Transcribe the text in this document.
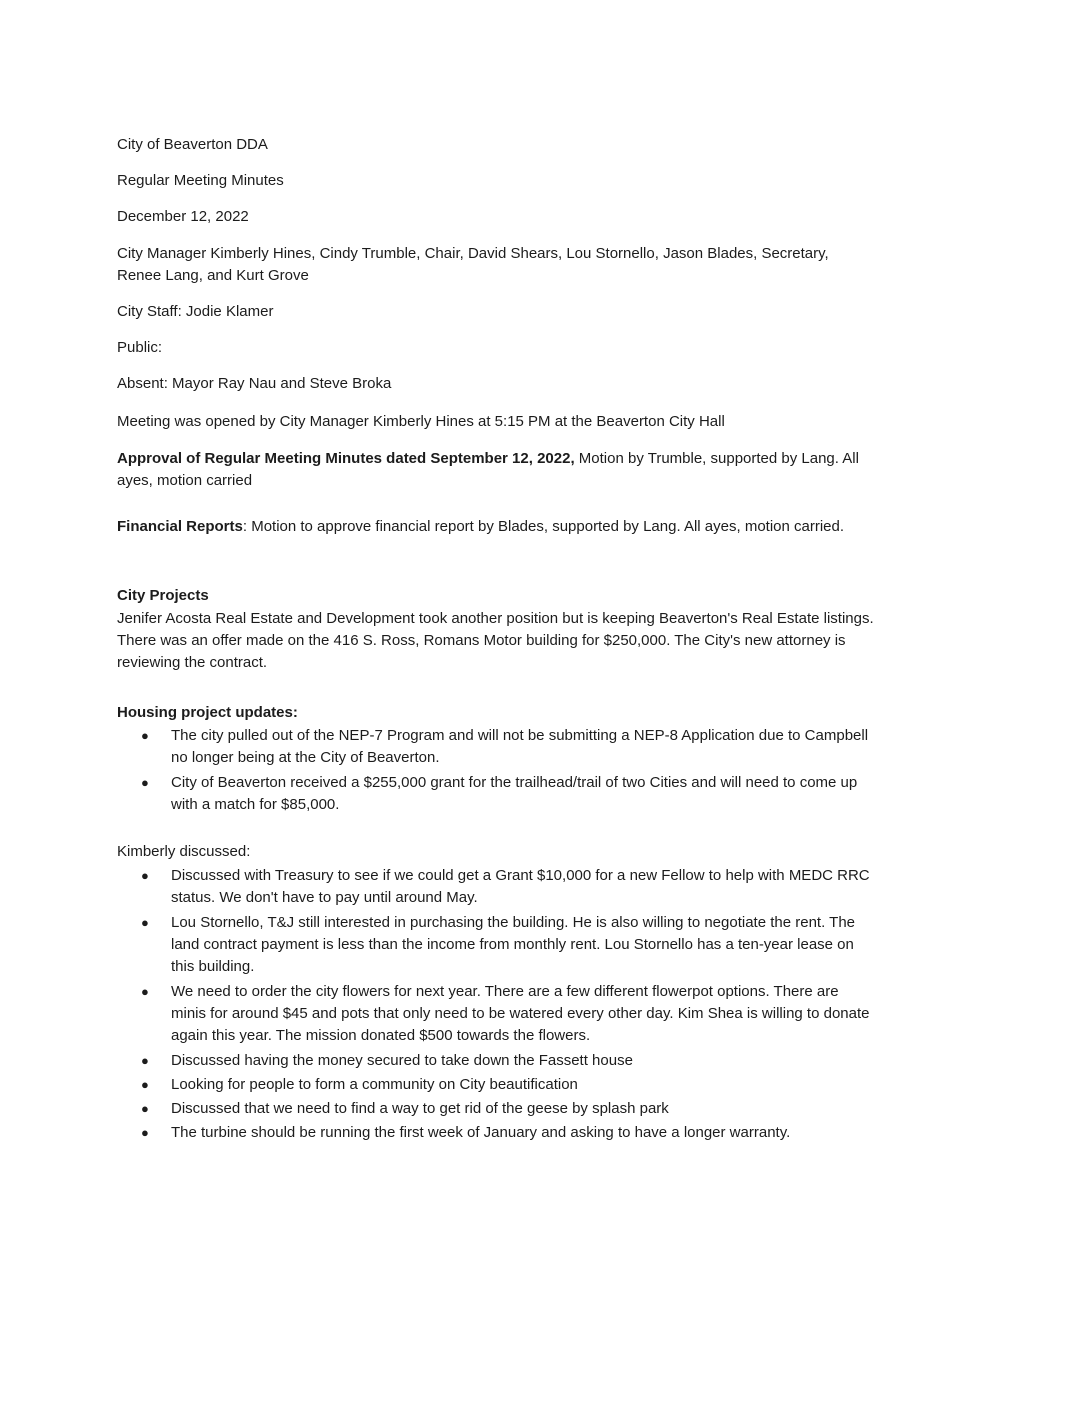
City of Beaverton DDA

Regular Meeting Minutes

December 12, 2022

City Manager Kimberly Hines, Cindy Trumble, Chair, David Shears, Lou Stornello, Jason Blades, Secretary, Renee Lang, and Kurt Grove

City Staff: Jodie Klamer

Public:

Absent: Mayor Ray Nau and Steve Broka

Meeting was opened by City Manager Kimberly Hines at 5:15 PM at the Beaverton City Hall

Approval of Regular Meeting Minutes dated September 12, 2022, Motion by Trumble, supported by Lang. All ayes, motion carried

Financial Reports: Motion to approve financial report by Blades, supported by Lang. All ayes, motion carried.

City Projects

Jenifer Acosta Real Estate and Development took another position but is keeping Beaverton's Real Estate listings. There was an offer made on the 416 S. Ross, Romans Motor building for $250,000. The City's new attorney is reviewing the contract.

Housing project updates:

● The city pulled out of the NEP-7 Program and will not be submitting a NEP-8 Application due to Campbell no longer being at the City of Beaverton.
● City of Beaverton received a $255,000 grant for the trailhead/trail of two Cities and will need to come up with a match for $85,000.

Kimberly discussed:

● Discussed with Treasury to see if we could get a Grant $10,000 for a new Fellow to help with MEDC RRC status. We don't have to pay until around May.
● Lou Stornello, T&J still interested in purchasing the building. He is also willing to negotiate the rent. The land contract payment is less than the income from monthly rent. Lou Stornello has a ten-year lease on this building.
● We need to order the city flowers for next year. There are a few different flowerpot options. There are minis for around $45 and pots that only need to be watered every other day. Kim Shea is willing to donate again this year. The mission donated $500 towards the flowers.
● Discussed having the money secured to take down the Fassett house
● Looking for people to form a community on City beautification
● Discussed that we need to find a way to get rid of the geese by splash park
● The turbine should be running the first week of January and asking to have a longer warranty.
